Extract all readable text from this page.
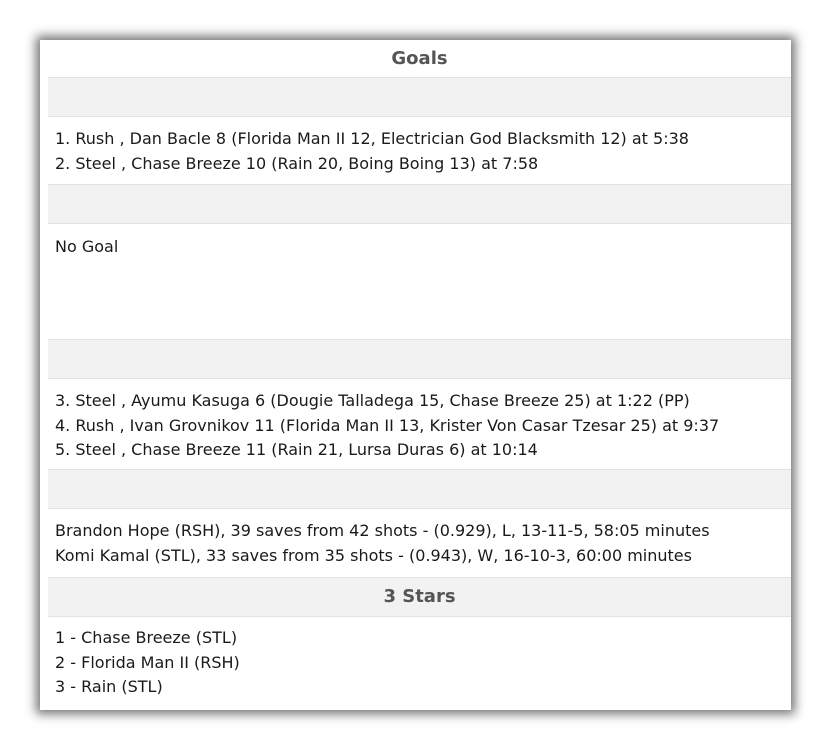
Goals
1. Rush , Dan Bacle 8 (Florida Man II 12, Electrician God Blacksmith 12) at 5:38
2. Steel , Chase Breeze 10 (Rain 20, Boing Boing 13) at 7:58
No Goal
3. Steel , Ayumu Kasuga 6 (Dougie Talladega 15, Chase Breeze 25) at 1:22 (PP)
4. Rush , Ivan Grovnikov 11 (Florida Man II 13, Krister Von Casar Tzesar 25) at 9:37
5. Steel , Chase Breeze 11 (Rain 21, Lursa Duras 6) at 10:14
Brandon Hope (RSH), 39 saves from 42 shots - (0.929), L, 13-11-5, 58:05 minutes
Komi Kamal (STL), 33 saves from 35 shots - (0.943), W, 16-10-3, 60:00 minutes
3 Stars
1 - Chase Breeze (STL)
2 - Florida Man II (RSH)
3 - Rain (STL)
